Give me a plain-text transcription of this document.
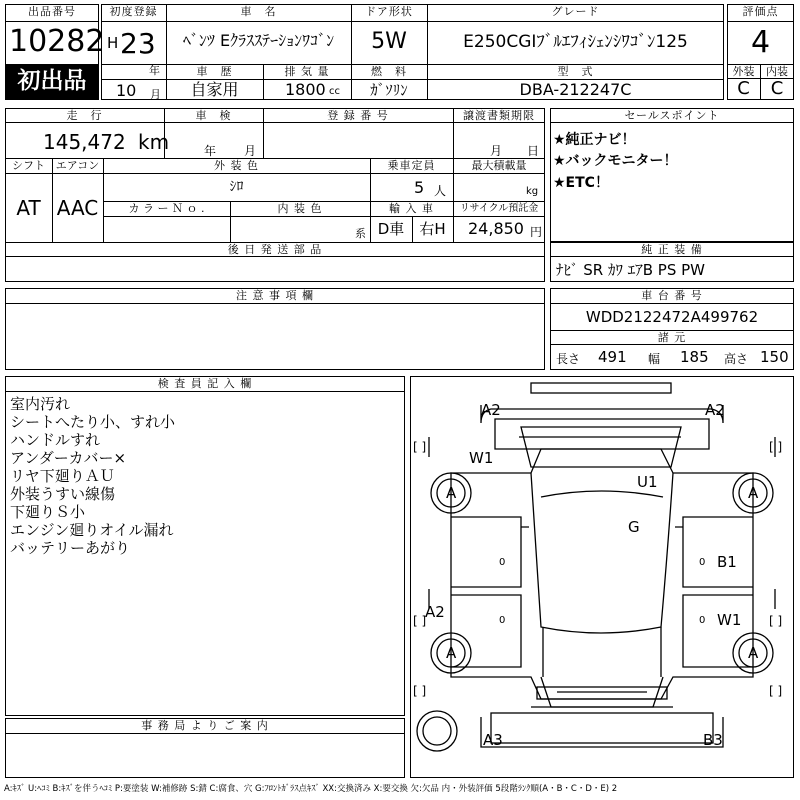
出品番号
10282
初出品
初度登録
H 23
年
10 月
車　名
ﾍﾞﾝﾂ Eｸﾗｽｽﾃｰｼｮﾝﾜｺﾞﾝ
ドア形状
5W
グレード
E250CGIﾌﾞﾙｴﾌｨｼｪﾝｼﾜｺﾞﾝ125
車　歴
自家用
排 気 量
1800 cc
燃　料
ｶﾞｿﾘﾝ
型　式
DBA-212247C
評価点
4
外装	内装
C	C
走　行
145,472 km
車　検
年 月
登 録 番 号	譲渡書類期限
月 日
シフト
AT
エアコン
AAC
外 装 色
ｼﾛ
乗車定員
5 人
最大積載量
kg
カ ラ ー Ｎ ｏ .	内 装 色
系
輸 入 車
D車	右H
リサイクル預託金
24,850 円
後 日 発 送 部 品
セールスポイント
★純正ナビ！
★バックモニター！
★ETC！
純 正 装 備
ﾅﾋﾞ SR ｶﾜ ｴｱB PS PW
注 意 事 項 欄	車 台 番 号
WDD2122472A499762
諸 元
長さ 491 幅 185 高さ 150
検 査 員 記 入 欄
室内汚れ
シートへたり小、すれ小
ハンドルすれ
アンダーカバー×
リヤ下廻りＡＵ
外装うすい線傷
下廻りＳ小
エンジン廻りオイル漏れ
バッテリーあがり
事 務 局 よ り ご 案 内
[ ]	[ ]
[ ]	[ ]
[ ]	[ ]
0
0
0
0
A2	A2
W1
U1
G
B1
W1
A2
A3	B3
A	A
A	A
A:ｷｽﾞ U:ﾍｺﾐ B:ｷｽﾞを伴うﾍｺﾐ P:要塗装 W:補修跡 S:錆 C:腐食、穴 G:ﾌﾛﾝﾄｶﾞﾗｽ点ｷｽﾞ XX:交換済み X:要交換 欠:欠品 内・外装評価 5段階ﾗﾝｸ順(A・B・C・D・E) 2
